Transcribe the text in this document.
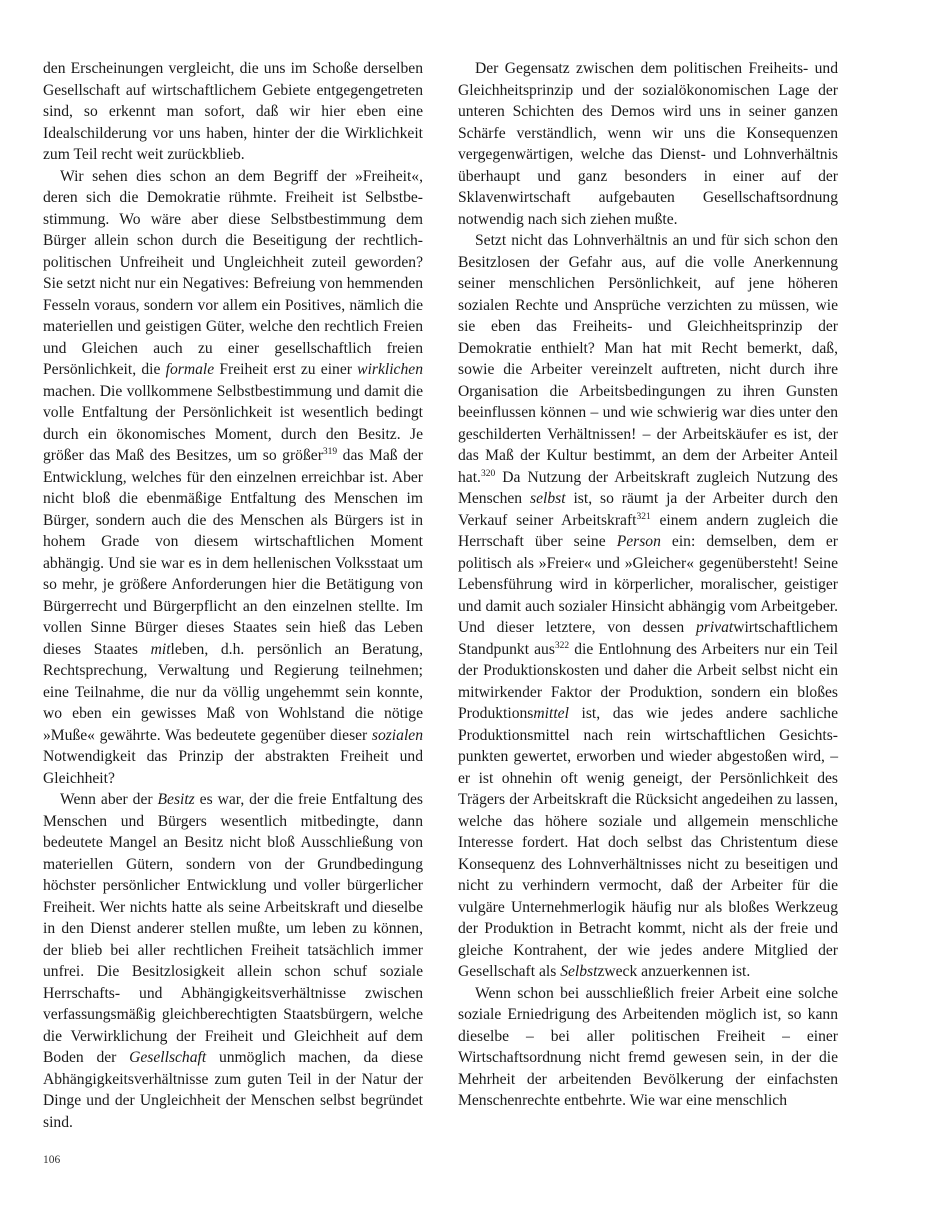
den Erscheinungen vergleicht, die uns im Schoße derselben Gesellschaft auf wirtschaftlichem Gebiete entgegengetreten sind, so erkennt man sofort, daß wir hier eben eine Idealschilderung vor uns haben, hinter der die Wirklichkeit zum Teil recht weit zurückblieb.

Wir sehen dies schon an dem Begriff der »Freiheit«, deren sich die Demokratie rühmte. Freiheit ist Selbstbestimmung. Wo wäre aber diese Selbstbestimmung dem Bürger allein schon durch die Beseitigung der rechtlich-politischen Unfreiheit und Ungleichheit zuteil geworden? Sie setzt nicht nur ein Negatives: Befreiung von hemmenden Fesseln voraus, sondern vor allem ein Positives, nämlich die materiellen und geistigen Güter, welche den rechtlich Freien und Gleichen auch zu einer gesellschaftlich freien Persönlichkeit, die formale Freiheit erst zu einer wirklichen machen. Die vollkommene Selbstbestimmung und damit die volle Entfaltung der Persönlichkeit ist wesentlich bedingt durch ein ökonomisches Moment, durch den Besitz. Je größer das Maß des Besitzes, um so größer$^{319}$ das Maß der Entwicklung, welches für den einzelnen erreichbar ist. Aber nicht bloß die ebenmäßige Entfaltung des Menschen im Bürger, sondern auch die des Menschen als Bürgers ist in hohem Grade von diesem wirtschaftlichen Moment abhängig. Und sie war es in dem hellenischen Volksstaat um so mehr, je größere Anforderungen hier die Betätigung von Bürgerrecht und Bürgerpflicht an den einzelnen stellte. Im vollen Sinne Bürger dieses Staates sein hieß das Leben dieses Staates mitleben, d.h. persönlich an Beratung, Rechtsprechung, Verwaltung und Regierung teilnehmen; eine Teilnahme, die nur da völlig ungehemmt sein konnte, wo eben ein gewisses Maß von Wohlstand die nötige »Muße« gewährte. Was bedeutete gegenüber dieser sozialen Notwendigkeit das Prinzip der abstrakten Freiheit und Gleichheit?

Wenn aber der Besitz es war, der die freie Entfaltung des Menschen und Bürgers wesentlich mitbedingte, dann bedeutete Mangel an Besitz nicht bloß Ausschließung von materiellen Gütern, sondern von der Grundbedingung höchster persönlicher Entwicklung und voller bürgerlicher Freiheit. Wer nichts hatte als seine Arbeitskraft und dieselbe in den Dienst anderer stellen mußte, um leben zu können, der blieb bei aller rechtlichen Freiheit tatsächlich immer unfrei. Die Besitzlosigkeit allein schon schuf soziale Herrschafts- und Abhängigkeitsverhältnisse zwischen verfassungsmäßig gleichberechtigten Staatsbürgern, welche die Verwirklichung der Freiheit und Gleichheit auf dem Boden der Gesellschaft unmöglich machen, da diese Abhängigkeitsverhältnisse zum guten Teil in der Natur der Dinge und der Ungleichheit der Menschen selbst begründet sind.

Der Gegensatz zwischen dem politischen Freiheits- und Gleichheitsprinzip und der sozialökonomischen Lage der unteren Schichten des Demos wird uns in seiner ganzen Schärfe verständlich, wenn wir uns die Konsequenzen vergegenwärtigen, welche das Dienst- und Lohnverhältnis überhaupt und ganz besonders in einer auf der Sklavenwirtschaft aufgebauten Gesellschaftsordnung notwendig nach sich ziehen mußte.

Setzt nicht das Lohnverhältnis an und für sich schon den Besitzlosen der Gefahr aus, auf die volle Anerkennung seiner menschlichen Persönlichkeit, auf jene höheren sozialen Rechte und Ansprüche verzichten zu müssen, wie sie eben das Freiheits- und Gleichheitsprinzip der Demokratie enthielt? Man hat mit Recht bemerkt, daß, sowie die Arbeiter vereinzelt auftreten, nicht durch ihre Organisation die Arbeitsbedingungen zu ihren Gunsten beeinflussen können – und wie schwierig war dies unter den geschilderten Verhältnissen! – der Arbeitskäufer es ist, der das Maß der Kultur bestimmt, an dem der Arbeiter Anteil hat.$^{320}$ Da Nutzung der Arbeitskraft zugleich Nutzung des Menschen selbst ist, so räumt ja der Arbeiter durch den Verkauf seiner Arbeitskraft$^{321}$ einem andern zugleich die Herrschaft über seine Person ein: demselben, dem er politisch als »Freier« und »Gleicher« gegenübersteht! Seine Lebensführung wird in körperlicher, moralischer, geistiger und damit auch sozialer Hinsicht abhängig vom Arbeitgeber. Und dieser letztere, von dessen privatwirtschaftlichem Standpunkt aus$^{322}$ die Entlohnung des Arbeiters nur ein Teil der Produktionskosten und daher die Arbeit selbst nicht ein mitwirkender Faktor der Produktion, sondern ein bloßes Produktionsmittel ist, das wie jedes andere sachliche Produktionsmittel nach rein wirtschaftlichen Gesichtspunkten gewertet, erworben und wieder abgestoßen wird, – er ist ohnehin oft wenig geneigt, der Persönlichkeit des Trägers der Arbeitskraft die Rücksicht angedeihen zu lassen, welche das höhere soziale und allgemein menschliche Interesse fordert. Hat doch selbst das Christentum diese Konsequenz des Lohnverhältnisses nicht zu beseitigen und nicht zu verhindern vermocht, daß der Arbeiter für die vulgäre Unternehmerlogik häufig nur als bloßes Werkzeug der Produktion in Betracht kommt, nicht als der freie und gleiche Kontrahent, der wie jedes andere Mitglied der Gesellschaft als Selbstzweck anzuerkennen ist.

Wenn schon bei ausschließlich freier Arbeit eine solche soziale Erniedrigung des Arbeitenden möglich ist, so kann dieselbe – bei aller politischen Freiheit – einer Wirtschaftsordnung nicht fremd gewesen sein, in der die Mehrheit der arbeitenden Bevölkerung der einfachsten Menschenrechte entbehrte. Wie war eine menschlich

106
